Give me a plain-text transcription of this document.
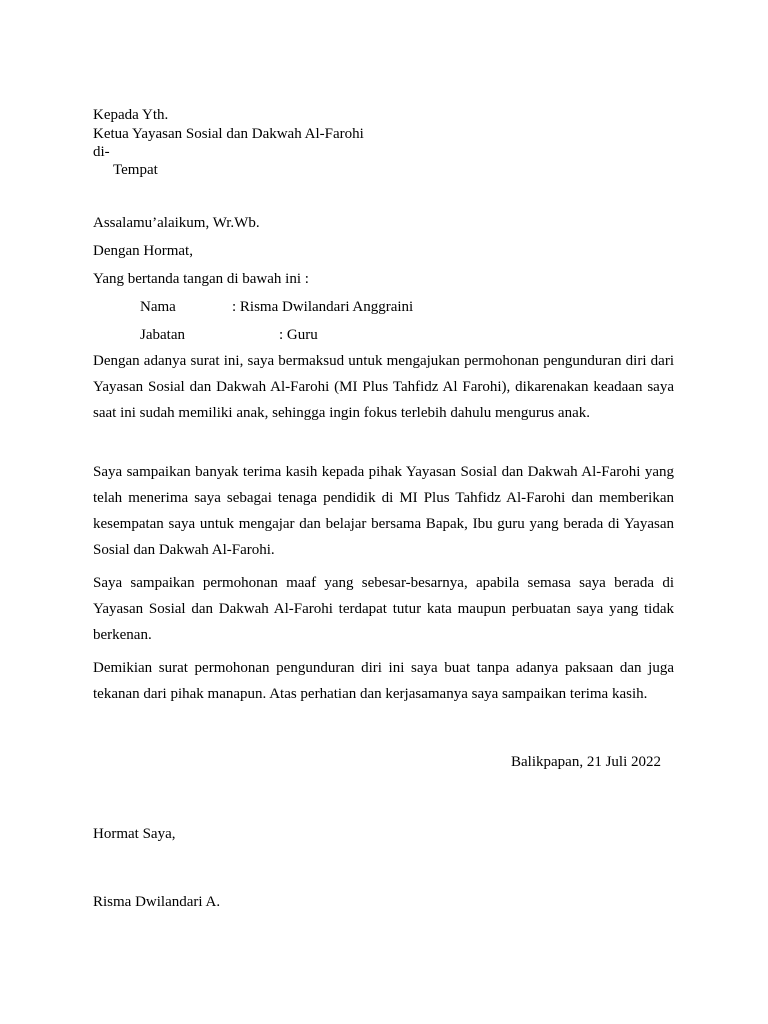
Kepada Yth.
Ketua Yayasan Sosial dan Dakwah Al-Farohi
di-
Tempat
Assalamu’alaikum, Wr.Wb.
Dengan Hormat,
Yang bertanda tangan di bawah ini :
Nama	: Risma Dwilandari Anggraini
Jabatan	: Guru
Dengan adanya surat ini, saya bermaksud untuk mengajukan permohonan pengunduran diri dari Yayasan Sosial dan Dakwah Al-Farohi (MI Plus Tahfidz Al Farohi), dikarenakan keadaan saya saat ini sudah memiliki anak, sehingga ingin fokus terlebih dahulu mengurus anak.
Saya sampaikan banyak terima kasih kepada pihak Yayasan Sosial dan Dakwah Al-Farohi yang telah menerima saya sebagai tenaga pendidik di MI Plus Tahfidz Al-Farohi dan memberikan kesempatan saya untuk mengajar dan belajar bersama Bapak, Ibu guru yang berada di Yayasan Sosial dan Dakwah Al-Farohi.
Saya sampaikan permohonan maaf yang sebesar-besarnya, apabila semasa saya berada di Yayasan Sosial dan Dakwah Al-Farohi terdapat tutur kata maupun perbuatan saya yang tidak berkenan.
Demikian surat permohonan pengunduran diri ini saya buat tanpa adanya paksaan dan juga tekanan dari pihak manapun. Atas perhatian dan kerjasamanya saya sampaikan terima kasih.
Balikpapan, 21 Juli 2022
Hormat Saya,
Risma Dwilandari A.
